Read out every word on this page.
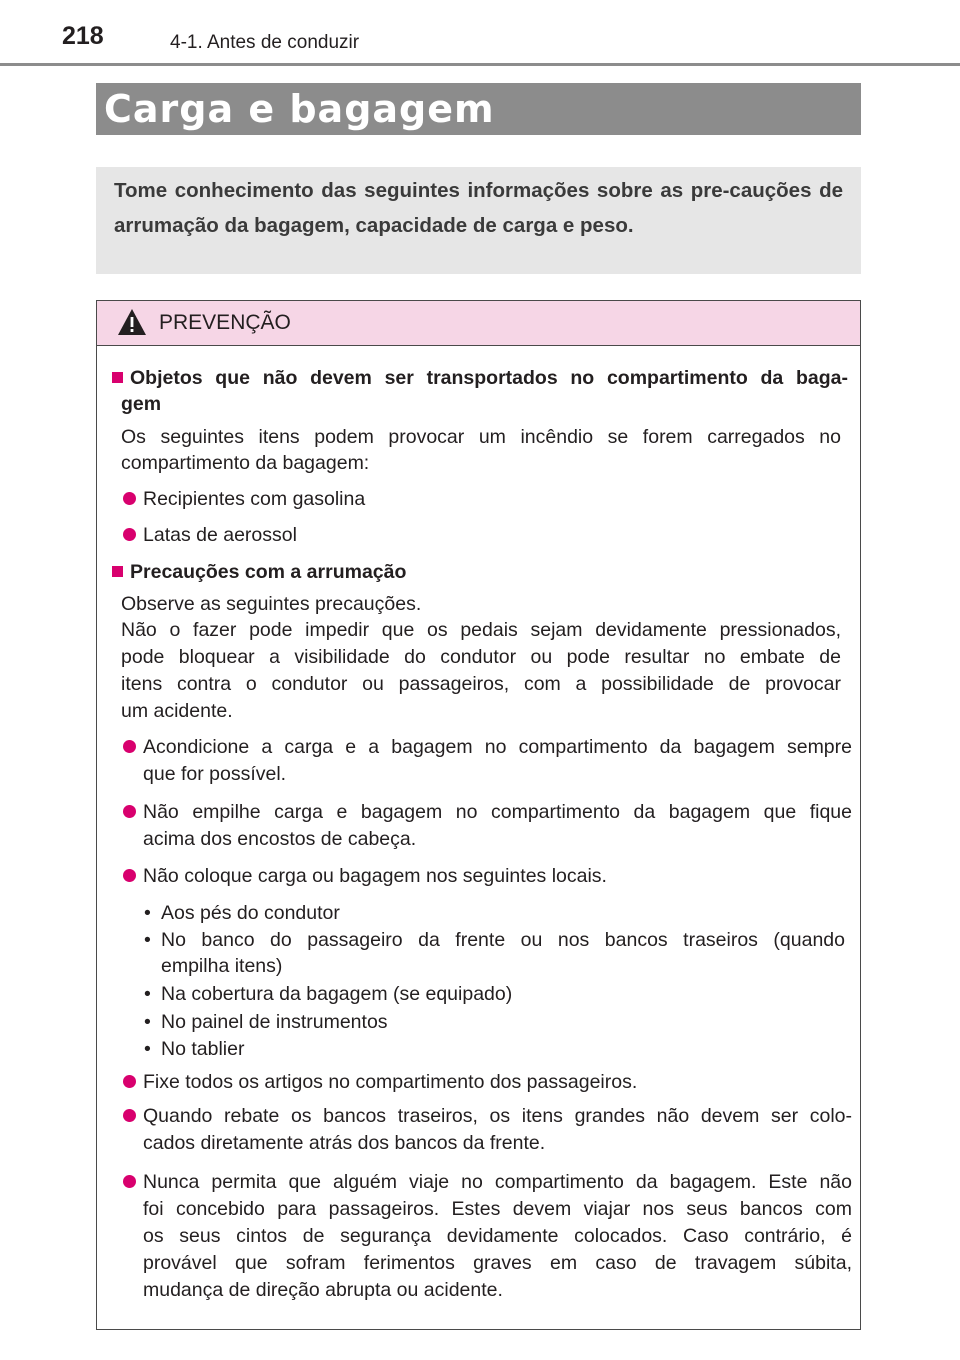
218	4-1. Antes de conduzir
Carga e bagagem

Tome conhecimento das seguintes informações sobre as pre-cauções de arrumação da bagagem, capacidade de carga e peso.

PREVENÇÃO
Objetos que não devem ser transportados no compartimento da baga-
gem
Os seguintes itens podem provocar um incêndio se forem carregados no
compartimento da bagagem:
Recipientes com gasolina
Latas de aerossol
Precauções com a arrumação
Observe as seguintes precauções.
Não o fazer pode impedir que os pedais sejam devidamente pressionados,
pode bloquear a visibilidade do condutor ou pode resultar no embate de
itens contra o condutor ou passageiros, com a possibilidade de provocar
um acidente.
Acondicione a carga e a bagagem no compartimento da bagagem sempre
que for possível.
Não empilhe carga e bagagem no compartimento da bagagem que fique
acima dos encostos de cabeça.
Não coloque carga ou bagagem nos seguintes locais.
• Aos pés do condutor
• No banco do passageiro da frente ou nos bancos traseiros (quando
empilha itens)
• Na cobertura da bagagem (se equipado)
• No painel de instrumentos
• No tablier
Fixe todos os artigos no compartimento dos passageiros.
Quando rebate os bancos traseiros, os itens grandes não devem ser colo-
cados diretamente atrás dos bancos da frente.
Nunca permita que alguém viaje no compartimento da bagagem. Este não
foi concebido para passageiros. Estes devem viajar nos seus bancos com
os seus cintos de segurança devidamente colocados. Caso contrário, é
provável que sofram ferimentos graves em caso de travagem súbita,
mudança de direção abrupta ou acidente.
